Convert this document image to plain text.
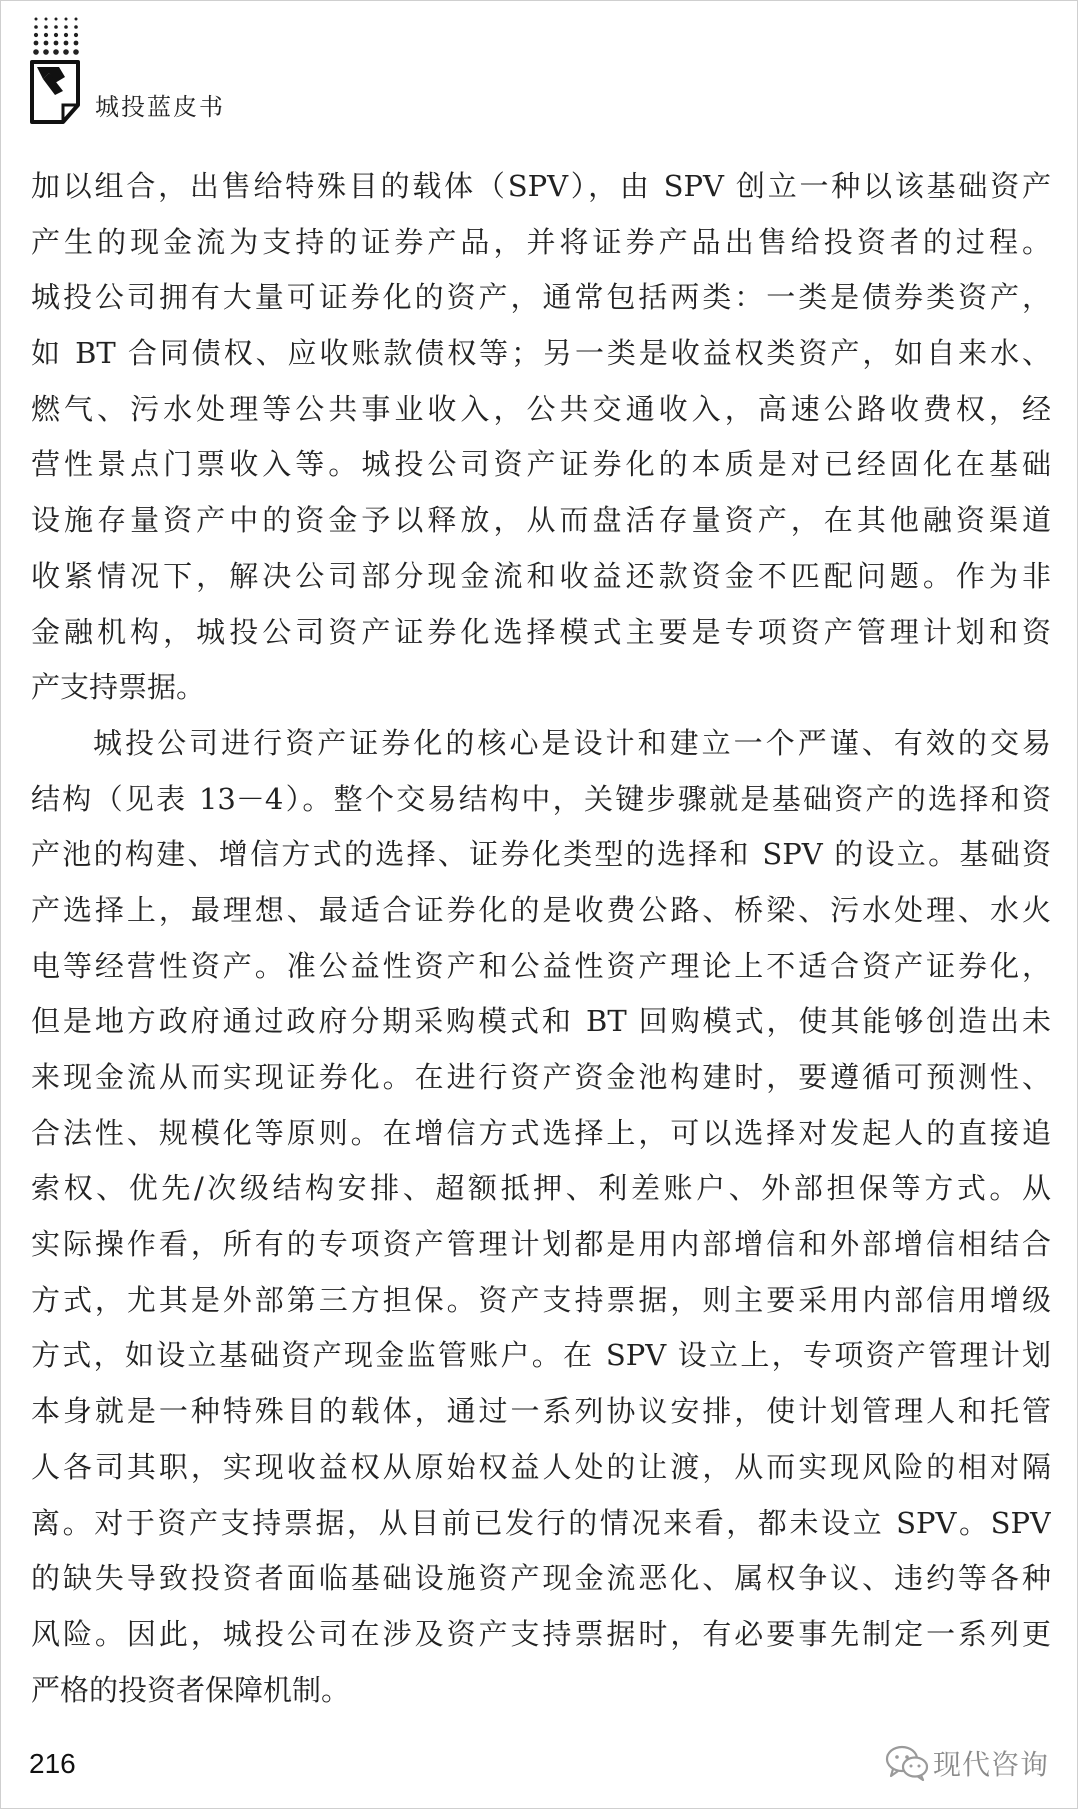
城投蓝皮书
加以组合，出售给特殊目的载体（SPV），由 SPV 创立一种以该基础资产
产生的现金流为支持的证券产品，并将证券产品出售给投资者的过程。
城投公司拥有大量可证券化的资产，通常包括两类：一类是债券类资产，
如 BT 合同债权、应收账款债权等；另一类是收益权类资产，如自来水、
燃气、污水处理等公共事业收入，公共交通收入，高速公路收费权，经
营性景点门票收入等。城投公司资产证券化的本质是对已经固化在基础
设施存量资产中的资金予以释放，从而盘活存量资产，在其他融资渠道
收紧情况下，解决公司部分现金流和收益还款资金不匹配问题。作为非
金融机构，城投公司资产证券化选择模式主要是专项资产管理计划和资
产支持票据。
城投公司进行资产证券化的核心是设计和建立一个严谨、有效的交易
结构（见表 13－4）。整个交易结构中，关键步骤就是基础资产的选择和资
产池的构建、增信方式的选择、证券化类型的选择和 SPV 的设立。基础资
产选择上，最理想、最适合证券化的是收费公路、桥梁、污水处理、水火
电等经营性资产。准公益性资产和公益性资产理论上不适合资产证券化，
但是地方政府通过政府分期采购模式和 BT 回购模式，使其能够创造出未
来现金流从而实现证券化。在进行资产资金池构建时，要遵循可预测性、
合法性、规模化等原则。在增信方式选择上，可以选择对发起人的直接追
索权、优先/次级结构安排、超额抵押、利差账户、外部担保等方式。从
实际操作看，所有的专项资产管理计划都是用内部增信和外部增信相结合
方式，尤其是外部第三方担保。资产支持票据，则主要采用内部信用增级
方式，如设立基础资产现金监管账户。在 SPV 设立上，专项资产管理计划
本身就是一种特殊目的载体，通过一系列协议安排，使计划管理人和托管
人各司其职，实现收益权从原始权益人处的让渡，从而实现风险的相对隔
离。对于资产支持票据，从目前已发行的情况来看，都未设立 SPV。SPV
的缺失导致投资者面临基础设施资产现金流恶化、属权争议、违约等各种
风险。因此，城投公司在涉及资产支持票据时，有必要事先制定一系列更
严格的投资者保障机制。
216	现代咨询
